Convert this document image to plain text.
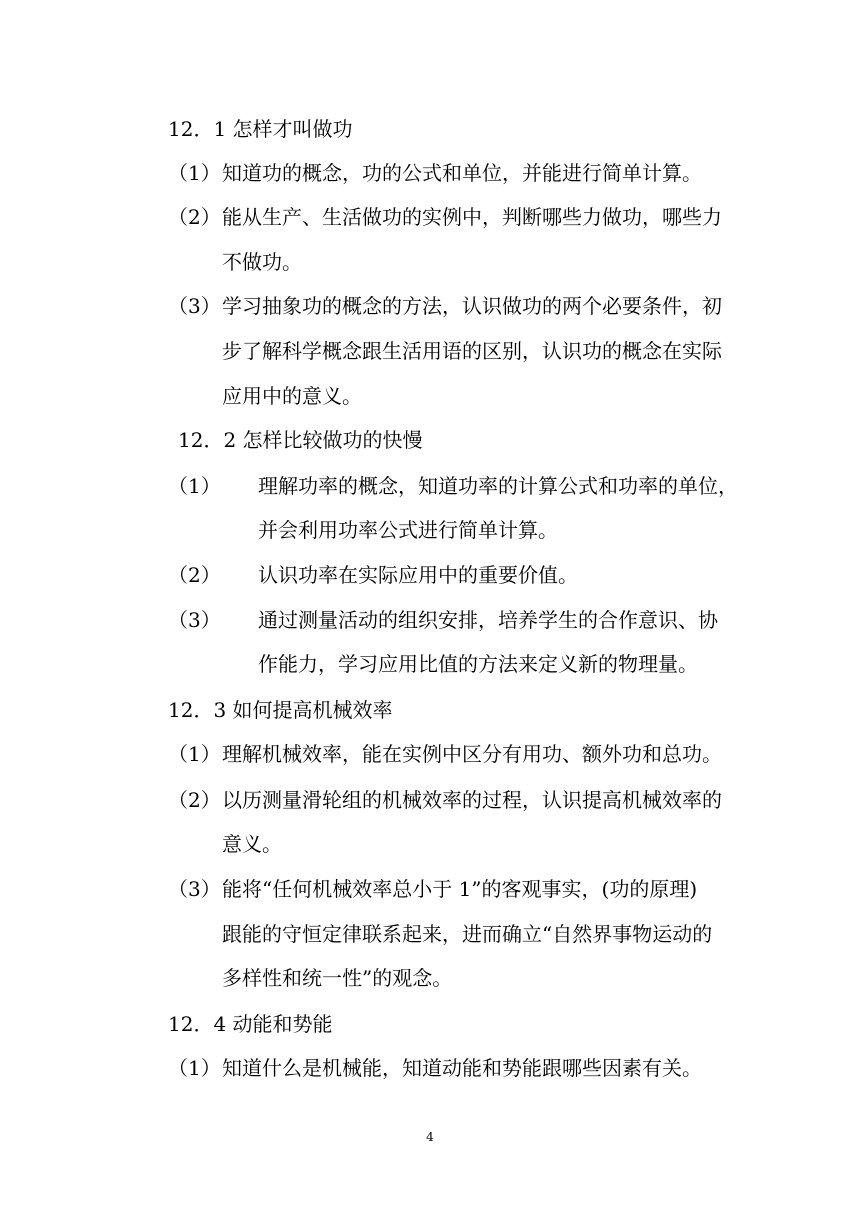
12．1 怎样才叫做功
（1） 知道功的概念，功的公式和单位，并能进行简单计算。
（2） 能从生产、生活做功的实例中，判断哪些力做功，哪些力
不做功。
（3） 学习抽象功的概念的方法，认识做功的两个必要条件，初
步了解科学概念跟生活用语的区别，认识功的概念在实际
应用中的意义。
12．2 怎样比较做功的快慢
（1） 理解功率的概念，知道功率的计算公式和功率的单位，
并会利用功率公式进行简单计算。
（2） 认识功率在实际应用中的重要价值。
（3） 通过测量活动的组织安排，培养学生的合作意识、协
作能力，学习应用比值的方法来定义新的物理量。
12．3 如何提高机械效率
（1） 理解机械效率，能在实例中区分有用功、额外功和总功。
（2） 以历测量滑轮组的机械效率的过程，认识提高机械效率的
意义。
（3） 能将“任何机械效率总小于 1”的客观事实，(功的原理)
跟能的守恒定律联系起来，进而确立“自然界事物运动的
多样性和统一性”的观念。
12．4 动能和势能
（1） 知道什么是机械能，知道动能和势能跟哪些因素有关。
4
